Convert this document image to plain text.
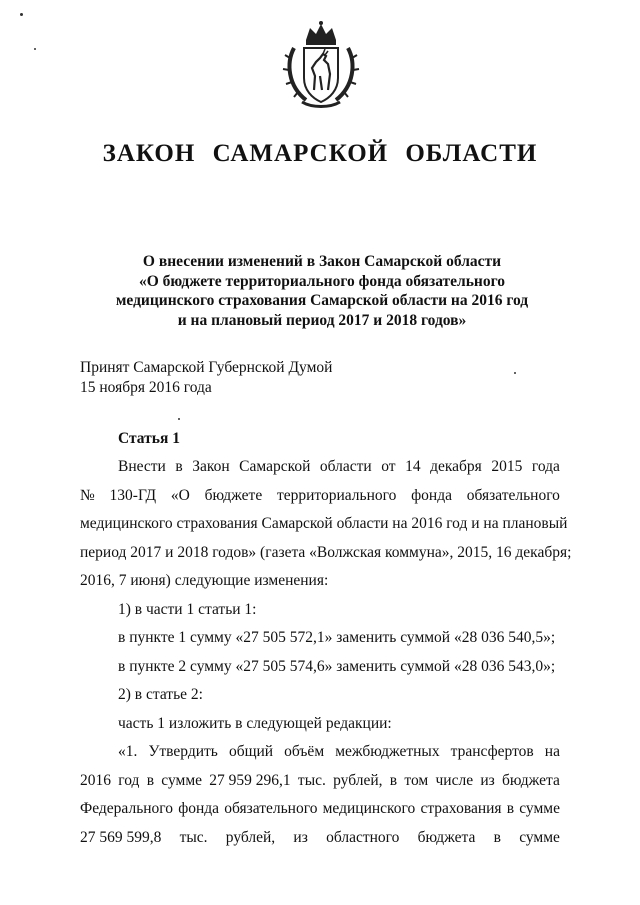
ЗАКОН САМАРСКОЙ ОБЛАСТИ
О внесении изменений в Закон Самарской области
«О бюджете территориального фонда обязательного
медицинского страхования Самарской области на 2016 год
и на плановый период 2017 и 2018 годов»
Принят Самарской Губернской Думой
15 ноября 2016 года
Статья 1
Внести в Закон Самарской области от 14 декабря 2015 года
№ 130-ГД «О бюджете территориального фонда обязательного
медицинского страхования Самарской области на 2016 год и на плановый
период 2017 и 2018 годов» (газета «Волжская коммуна», 2015, 16 декабря;
2016, 7 июня) следующие изменения:
1) в части 1 статьи 1:
в пункте 1 сумму «27 505 572,1» заменить суммой «28 036 540,5»;
в пункте 2 сумму «27 505 574,6» заменить суммой «28 036 543,0»;
2) в статье 2:
часть 1 изложить в следующей редакции:
«1. Утвердить общий объём межбюджетных трансфертов на
2016 год в сумме 27 959 296,1 тыс. рублей, в том числе из бюджета
Федерального фонда обязательного медицинского страхования в сумме
27 569 599,8 тыс. рублей, из областного бюджета в сумме
